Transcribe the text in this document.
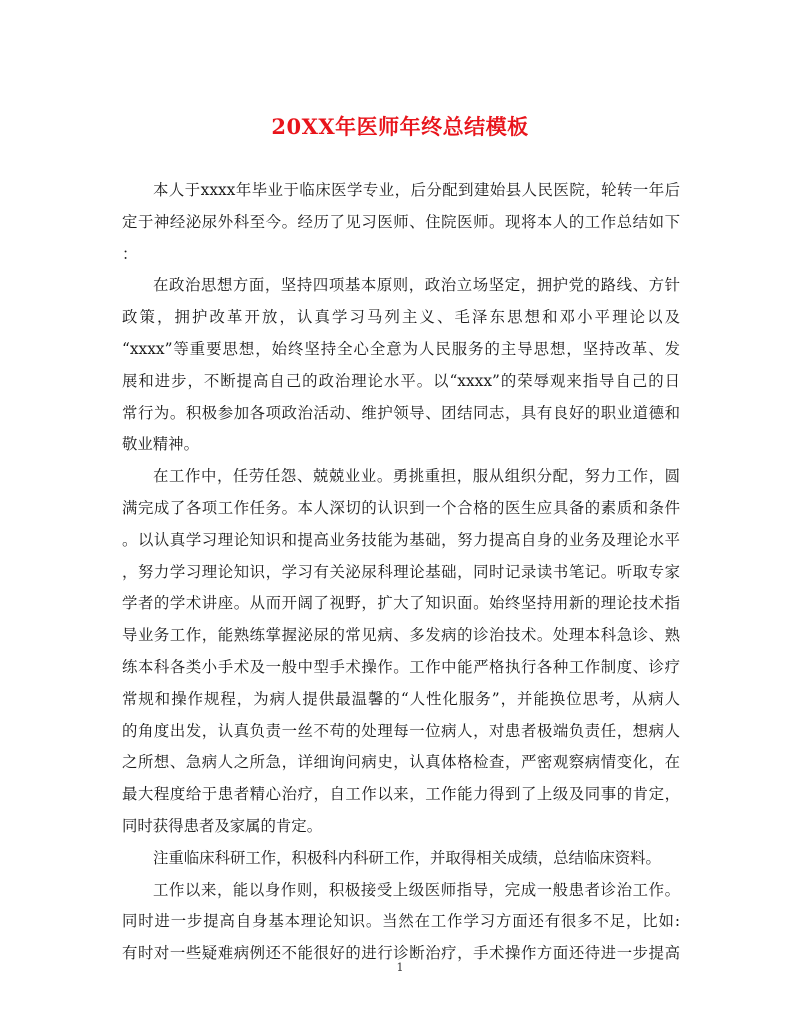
20XX年医师年终总结模板
本人于xxxx年毕业于临床医学专业，后分配到建始县人民医院，轮转一年后
定于神经泌尿外科至今。经历了见习医师、住院医师。现将本人的工作总结如下
：
在政治思想方面，坚持四项基本原则，政治立场坚定，拥护党的路线、方针
政策，拥护改革开放，认真学习马列主义、毛泽东思想和邓小平理论以及
“xxxx”等重要思想，始终坚持全心全意为人民服务的主导思想，坚持改革、发
展和进步，不断提高自己的政治理论水平。以“xxxx”的荣辱观来指导自己的日
常行为。积极参加各项政治活动、维护领导、团结同志，具有良好的职业道德和
敬业精神。
在工作中，任劳任怨、兢兢业业。勇挑重担，服从组织分配，努力工作，圆
满完成了各项工作任务。本人深切的认识到一个合格的医生应具备的素质和条件
。以认真学习理论知识和提高业务技能为基础，努力提高自身的业务及理论水平
，努力学习理论知识，学习有关泌尿科理论基础，同时记录读书笔记。听取专家
学者的学术讲座。从而开阔了视野，扩大了知识面。始终坚持用新的理论技术指
导业务工作，能熟练掌握泌尿的常见病、多发病的诊治技术。处理本科急诊、熟
练本科各类小手术及一般中型手术操作。工作中能严格执行各种工作制度、诊疗
常规和操作规程，为病人提供最温馨的“人性化服务”，并能换位思考，从病人
的角度出发，认真负责一丝不苟的处理每一位病人，对患者极端负责任，想病人
之所想、急病人之所急，详细询问病史，认真体格检查，严密观察病情变化，在
最大程度给于患者精心治疗，自工作以来，工作能力得到了上级及同事的肯定，
同时获得患者及家属的肯定。
注重临床科研工作，积极科内科研工作，并取得相关成绩，总结临床资料。
工作以来，能以身作则，积极接受上级医师指导，完成一般患者诊治工作。
同时进一步提高自身基本理论知识。当然在工作学习方面还有很多不足，比如:
有时对一些疑难病例还不能很好的进行诊断治疗，手术操作方面还待进一步提高
1
